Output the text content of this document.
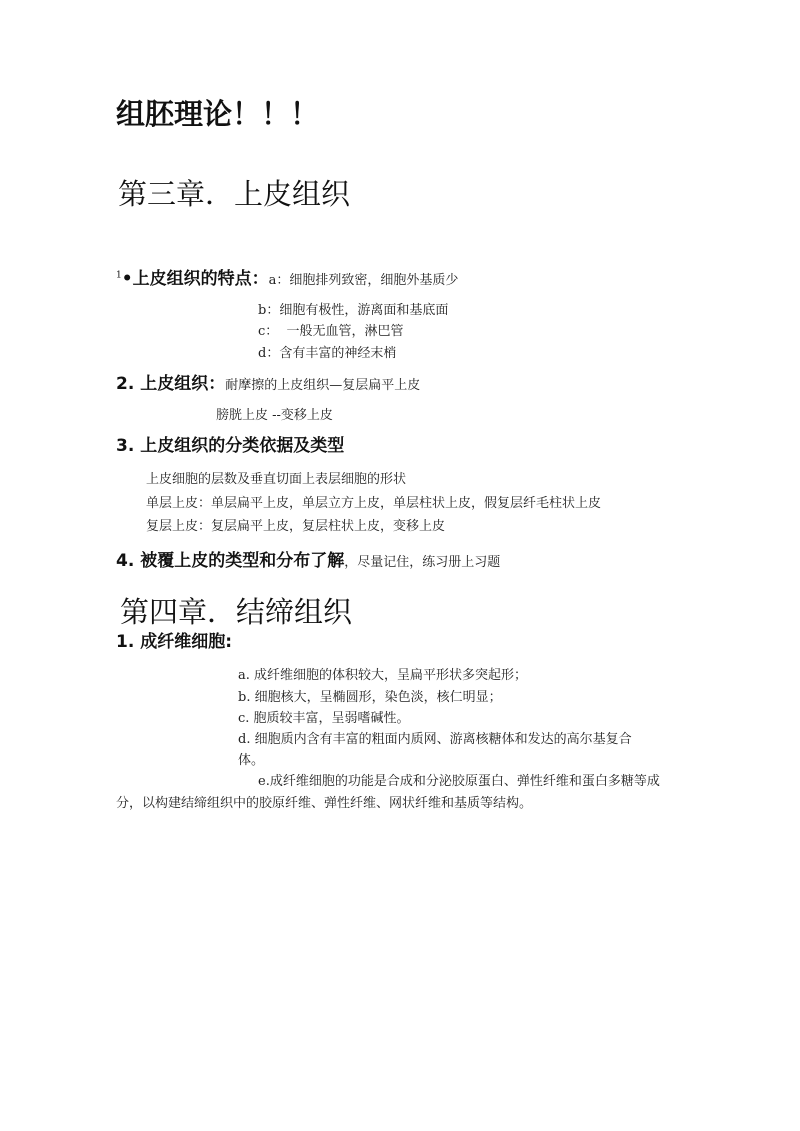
组胚理论！！！
第三章．上皮组织
$^1$•上皮组织的特点：a：细胞排列致密，细胞外基质少
b：细胞有极性，游离面和基底面
c：  一般无血管，淋巴管
d：含有丰富的神经末梢
2. 上皮组织：耐摩擦的上皮组织—复层扁平上皮
膀胱上皮 --变移上皮
3. 上皮组织的分类依据及类型
上皮细胞的层数及垂直切面上表层细胞的形状
单层上皮：单层扁平上皮，单层立方上皮，单层柱状上皮，假复层纤毛柱状上皮
复层上皮：复层扁平上皮，复层柱状上皮，变移上皮
4. 被覆上皮的类型和分布了解，尽量记住，练习册上习题
第四章．结缔组织
1. 成纤维细胞:
a. 成纤维细胞的体积较大，呈扁平形状多突起形；
b. 细胞核大，呈椭圆形，染色淡，核仁明显；
c. 胞质较丰富，呈弱嗜碱性。
d. 细胞质内含有丰富的粗面内质网、游离核糖体和发达的高尔基复合
体。
e.成纤维细胞的功能是合成和分泌胶原蛋白、弹性纤维和蛋白多糖等成
分，以构建结缔组织中的胶原纤维、弹性纤维、网状纤维和基质等结构。
